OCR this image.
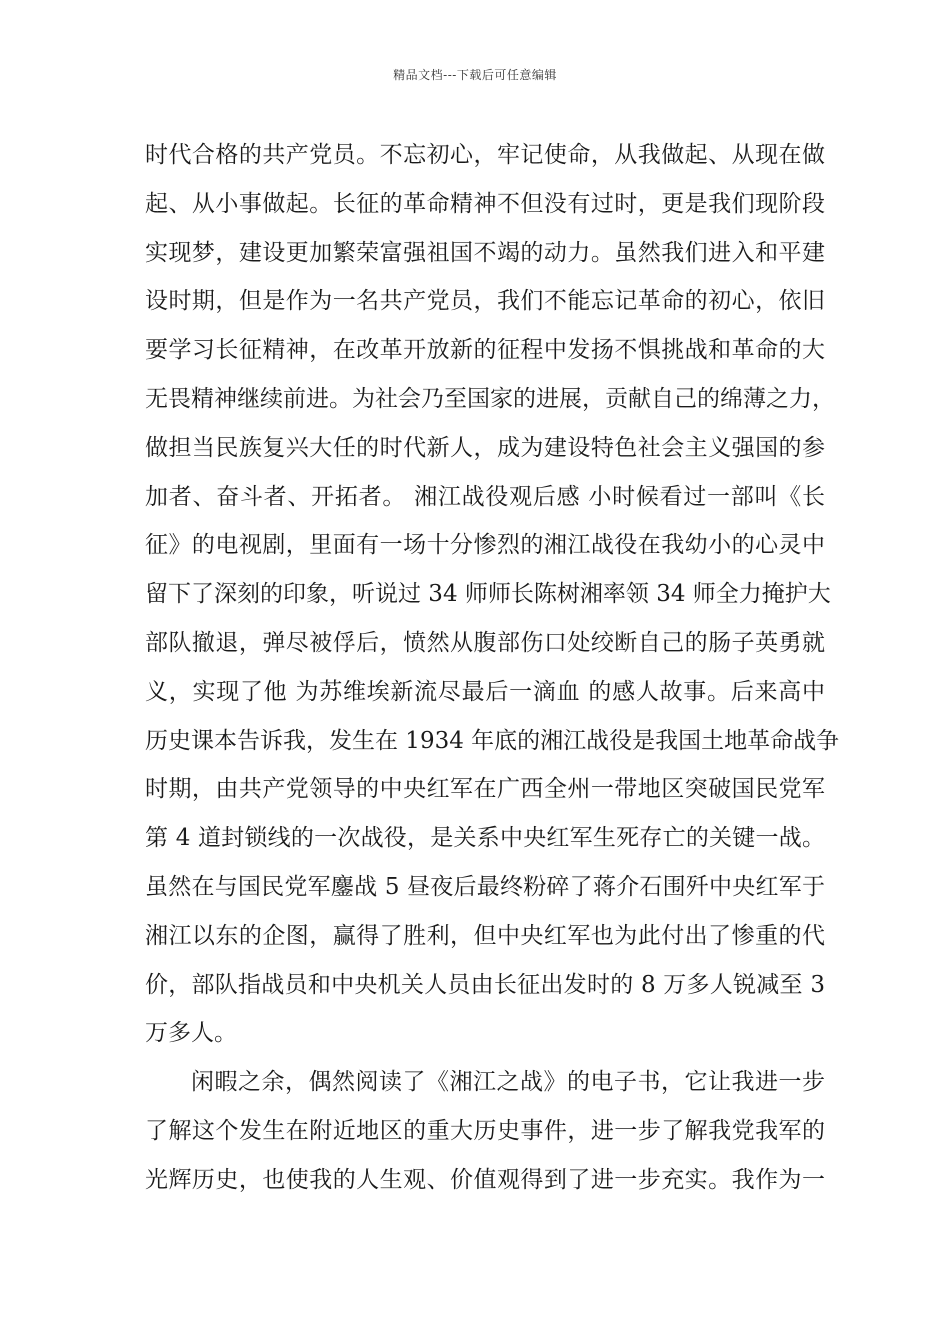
精品文档---下载后可任意编辑
时代合格的共产党员。不忘初心，牢记使命，从我做起、从现在做
起、从小事做起。长征的革命精神不但没有过时，更是我们现阶段
实现梦，建设更加繁荣富强祖国不竭的动力。虽然我们进入和平建
设时期，但是作为一名共产党员，我们不能忘记革命的初心，依旧
要学习长征精神，在改革开放新的征程中发扬不惧挑战和革命的大
无畏精神继续前进。为社会乃至国家的进展，贡献自己的绵薄之力，
做担当民族复兴大任的时代新人，成为建设特色社会主义强国的参
加者、奋斗者、开拓者。 湘江战役观后感 小时候看过一部叫《长
征》的电视剧，里面有一场十分惨烈的湘江战役在我幼小的心灵中
留下了深刻的印象，听说过 34 师师长陈树湘率领 34 师全力掩护大
部队撤退，弹尽被俘后，愤然从腹部伤口处绞断自己的肠子英勇就
义，实现了他 为苏维埃新流尽最后一滴血 的感人故事。后来高中
历史课本告诉我，发生在 1934 年底的湘江战役是我国土地革命战争
时期，由共产党领导的中央红军在广西全州一带地区突破国民党军
第 4 道封锁线的一次战役，是关系中央红军生死存亡的关键一战。
虽然在与国民党军鏖战 5 昼夜后最终粉碎了蒋介石围歼中央红军于
湘江以东的企图，赢得了胜利，但中央红军也为此付出了惨重的代
价，部队指战员和中央机关人员由长征出发时的 8 万多人锐减至 3
万多人。
闲暇之余，偶然阅读了《湘江之战》的电子书，它让我进一步
了解这个发生在附近地区的重大历史事件，进一步了解我党我军的
光辉历史，也使我的人生观、价值观得到了进一步充实。我作为一
